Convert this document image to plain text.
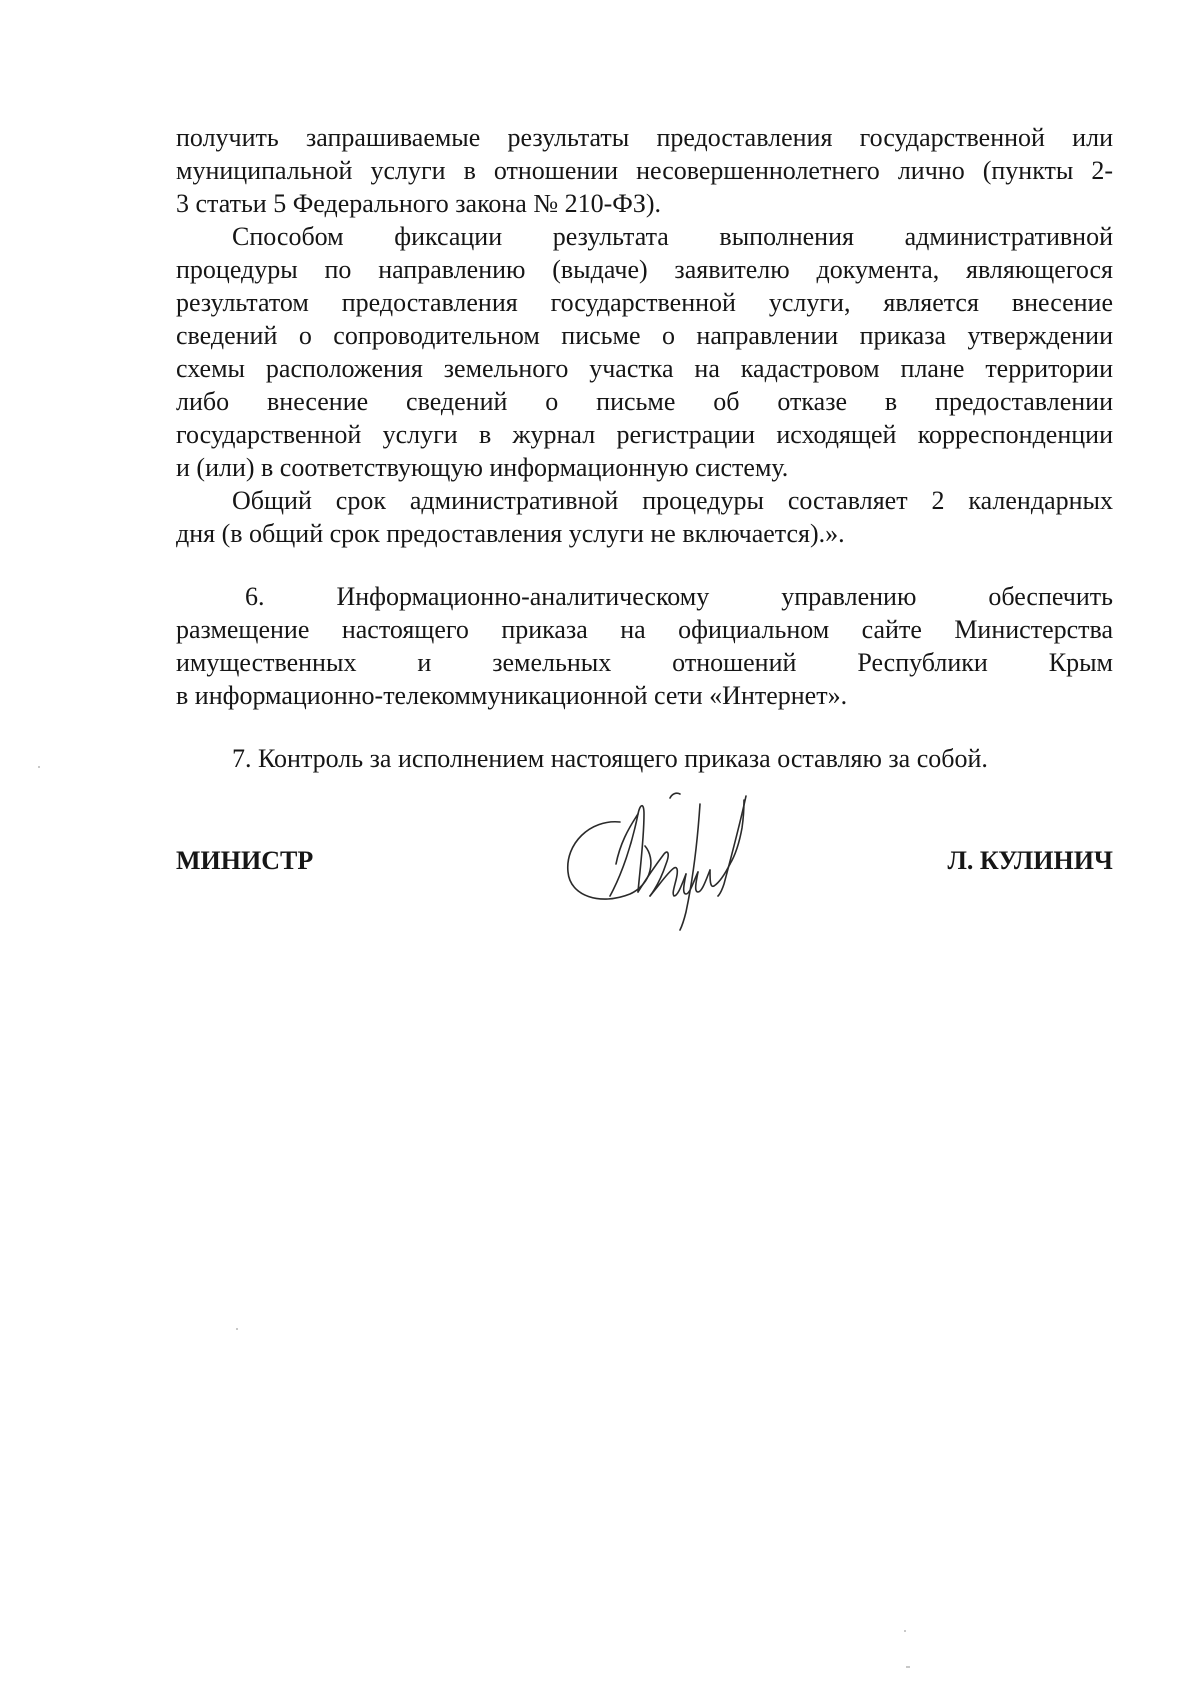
получить запрашиваемые результаты предоставления государственной или
муниципальной услуги в отношении несовершеннолетнего лично (пункты 2-
3 статьи 5 Федерального закона № 210-ФЗ).

Способом фиксации результата выполнения административной
процедуры по направлению (выдаче) заявителю документа, являющегося
результатом предоставления государственной услуги, является внесение
сведений о сопроводительном письме о направлении приказа утверждении
схемы расположения земельного участка на кадастровом плане территории
либо внесение сведений о письме об отказе в предоставлении
государственной услуги в журнал регистрации исходящей корреспонденции
и (или) в соответствующую информационную систему.

Общий срок административной процедуры составляет 2 календарных
дня (в общий срок предоставления услуги не включается).».

6. Информационно-аналитическому управлению обеспечить
размещение настоящего приказа на официальном сайте Министерства
имущественных и земельных отношений Республики Крым
в информационно-телекоммуникационной сети «Интернет».

7. Контроль за исполнением настоящего приказа оставляю за собой.

МИНИСТР	Л. КУЛИНИЧ
